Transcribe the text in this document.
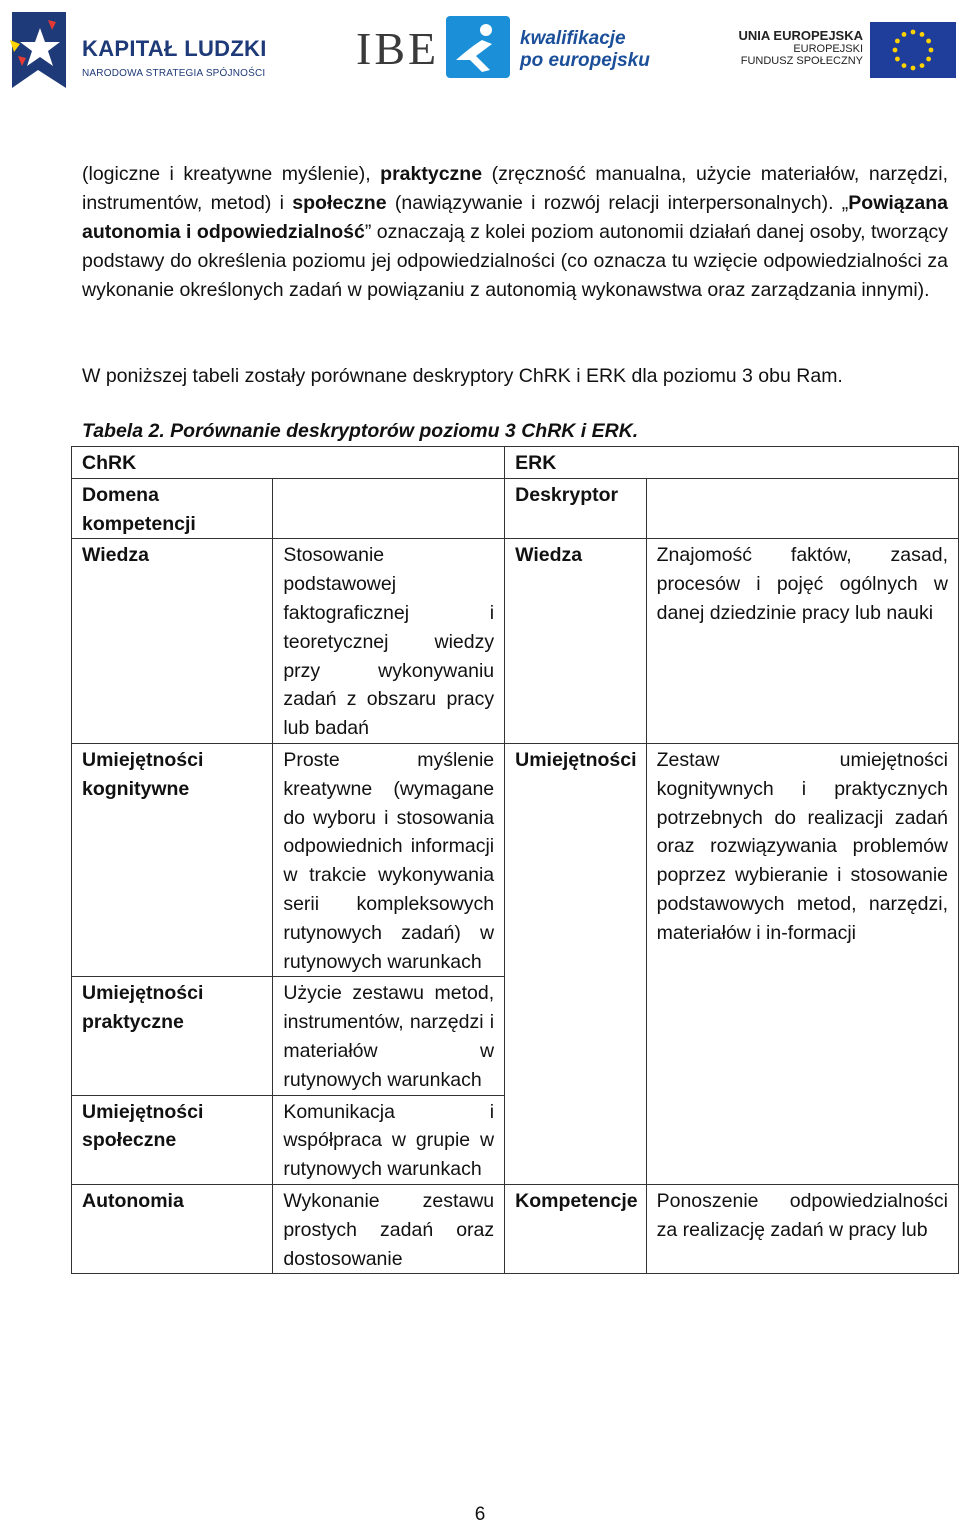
KAPITAŁ LUDZKI
NARODOWA STRATEGIA SPÓJNOŚCI IBE	kwalifikacje
po europejsku
UNIA EUROPEJSKA
EUROPEJSKI
FUNDUSZ SPOŁECZNY
(logiczne i kreatywne myślenie), praktyczne (zręczność manualna, użycie materiałów, narzędzi, instrumentów, metod) i społeczne (nawiązywanie i rozwój relacji interpersonalnych). „Powiązana autonomia i odpowiedzialność” oznaczają z kolei poziom autonomii działań danej osoby, tworzący podstawy do określenia poziomu jej odpowiedzialności (co oznacza tu wzięcie odpowiedzialności za wykonanie określonych zadań w powiązaniu z autonomią wykonawstwa oraz zarządzania innymi).
W poniższej tabeli zostały porównane deskryptory ChRK i ERK dla poziomu 3 obu Ram.
Tabela 2. Porównanie deskryptorów poziomu 3 ChRK i ERK.
ChRK		ERK	
Domena kompetencji		Deskryptor	
Wiedza	Stosowanie podstawowej faktograficznej i teoretycznej wiedzy przy wykonywaniu zadań z obszaru pracy lub badań	Wiedza	Znajomość faktów, zasad, procesów i pojęć ogólnych w danej dziedzinie pracy lub nauki
Umiejętności kognitywne	Proste myślenie kreatywne (wymagane do wyboru i stosowania odpowiednich informacji w trakcie wykonywania serii kompleksowych rutynowych zadań) w rutynowych warunkach	Umiejętności	Zestaw umiejętności kognitywnych i praktycznych potrzebnych do realizacji zadań oraz rozwiązywania problemów poprzez wybieranie i stosowanie podstawowych metod, narzędzi, materiałów i in-formacji
Umiejętności praktyczne	Użycie zestawu metod, instrumentów, narzędzi i materiałów w rutynowych warunkach		
Umiejętności społeczne	Komunikacja i współpraca w grupie w rutynowych warunkach		
Autonomia	Wykonanie zestawu prostych zadań oraz dostosowanie	Kompetencje	Ponoszenie odpowiedzialności za realizację zadań w pracy lub
6
